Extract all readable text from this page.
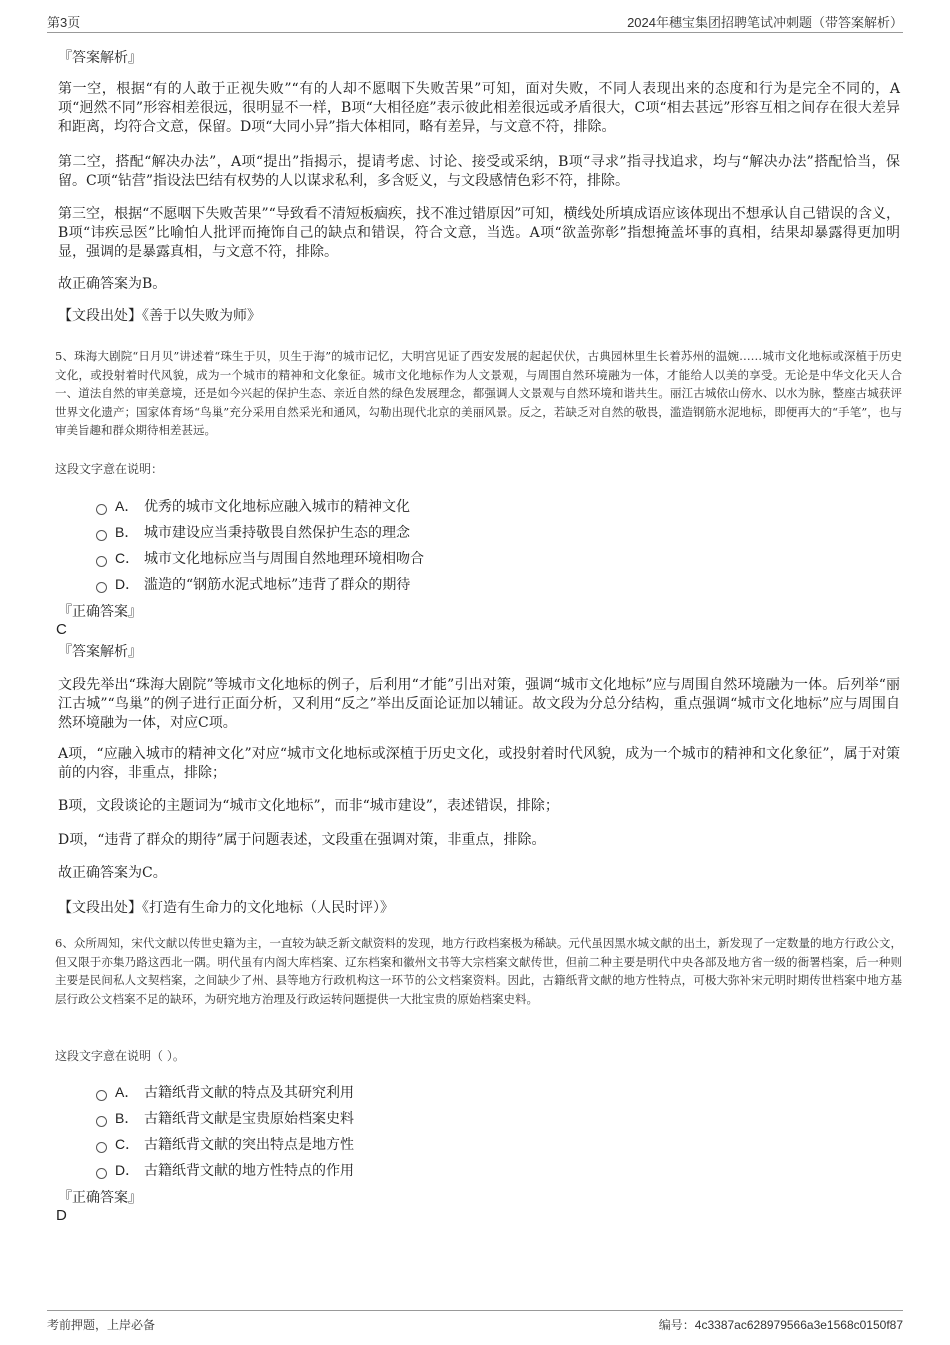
第3页	2024年穗宝集团招聘笔试冲刺题（带答案解析）
『答案解析』
第一空，根据“有的人敢于正视失败”“有的人却不愿咽下失败苦果”可知，面对失败，不同人表现出来的态度和行为是完全不同的，A项“迥然不同”形容相差很远，很明显不一样，B项“大相径庭”表示彼此相差很远或矛盾很大，C项“相去甚远”形容互相之间存在很大差异和距离，均符合文意，保留。D项“大同小异”指大体相同，略有差异，与文意不符，排除。
第二空，搭配“解决办法”，A项“提出”指揭示，提请考虑、讨论、接受或采纳，B项“寻求”指寻找追求，均与“解决办法”搭配恰当，保留。C项“钻营”指设法巴结有权势的人以谋求私利，多含贬义，与文段感情色彩不符，排除。
第三空，根据“不愿咽下失败苦果”“导致看不清短板痼疾，找不准过错原因”可知，横线处所填成语应该体现出不想承认自己错误的含义，B项“讳疾忌医”比喻怕人批评而掩饰自己的缺点和错误，符合文意，当选。A项“欲盖弥彰”指想掩盖坏事的真相，结果却暴露得更加明显，强调的是暴露真相，与文意不符，排除。
故正确答案为B。
【文段出处】《善于以失败为师》
5、珠海大剧院“日月贝”讲述着“珠生于贝，贝生于海”的城市记忆，大明宫见证了西安发展的起起伏伏，古典园林里生长着苏州的温婉……城市文化地标或深植于历史文化，或投射着时代风貌，成为一个城市的精神和文化象征。城市文化地标作为人文景观，与周围自然环境融为一体，才能给人以美的享受。无论是中华文化天人合一、道法自然的审美意境，还是如今兴起的保护生态、亲近自然的绿色发展理念，都强调人文景观与自然环境和谐共生。丽江古城依山傍水、以水为脉，整座古城获评世界文化遗产；国家体育场“鸟巢”充分采用自然采光和通风，勾勒出现代北京的美丽风景。反之，若缺乏对自然的敬畏，滥造钢筋水泥地标，即便再大的“手笔”，也与审美旨趣和群众期待相差甚远。
这段文字意在说明：
A． 优秀的城市文化地标应融入城市的精神文化
B． 城市建设应当秉持敬畏自然保护生态的理念
C． 城市文化地标应当与周围自然地理环境相吻合
D． 滥造的“钢筋水泥式地标”违背了群众的期待
『正确答案』
C
『答案解析』
文段先举出“珠海大剧院”等城市文化地标的例子，后利用“才能”引出对策，强调“城市文化地标”应与周围自然环境融为一体。后列举“丽江古城”“鸟巢”的例子进行正面分析，又利用“反之”举出反面论证加以辅证。故文段为分总分结构，重点强调“城市文化地标”应与周围自然环境融为一体，对应C项。
A项，“应融入城市的精神文化”对应“城市文化地标或深植于历史文化，或投射着时代风貌，成为一个城市的精神和文化象征”，属于对策前的内容，非重点，排除；
B项，文段谈论的主题词为“城市文化地标”，而非“城市建设”，表述错误，排除；
D项，“违背了群众的期待”属于问题表述，文段重在强调对策，非重点，排除。
故正确答案为C。
【文段出处】《打造有生命力的文化地标（人民时评）》
6、众所周知，宋代文献以传世史籍为主，一直较为缺乏新文献资料的发现，地方行政档案极为稀缺。元代虽因黑水城文献的出土，新发现了一定数量的地方行政公文，但又限于亦集乃路这西北一隅。明代虽有内阁大库档案、辽东档案和徽州文书等大宗档案文献传世，但前二种主要是明代中央各部及地方省一级的衙署档案，后一种则主要是民间私人文契档案，之间缺少了州、县等地方行政机构这一环节的公文档案资料。因此，古籍纸背文献的地方性特点，可极大弥补宋元明时期传世档案中地方基层行政公文档案不足的缺环，为研究地方治理及行政运转问题提供一大批宝贵的原始档案史料。
这段文字意在说明（ ）。
A． 古籍纸背文献的特点及其研究利用
B． 古籍纸背文献是宝贵原始档案史料
C． 古籍纸背文献的突出特点是地方性
D． 古籍纸背文献的地方性特点的作用
『正确答案』
D
考前押题，上岸必备	编号：4c3387ac628979566a3e1568c0150f87
